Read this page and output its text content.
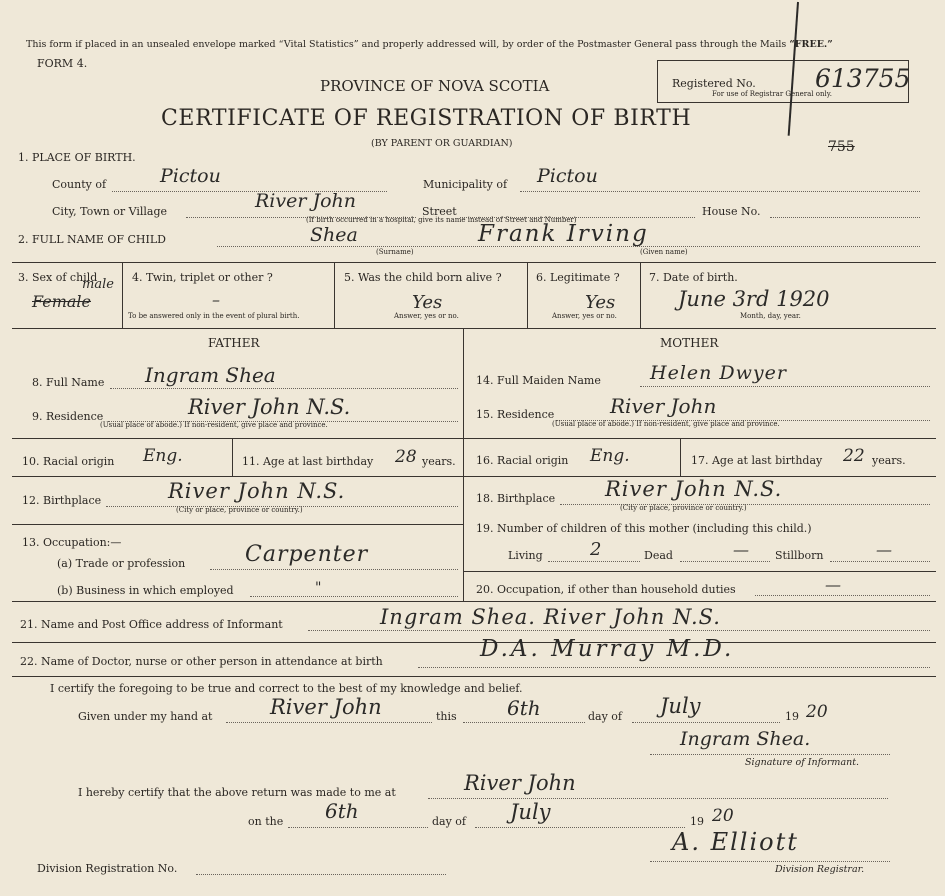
This form if placed in an unsealed envelope marked “Vital Statistics” and properly addressed will, by order of the Postmaster General pass through the Mails “FREE.”
FORM 4.
PROVINCE OF NOVA SCOTIA
CERTIFICATE OF REGISTRATION OF BIRTH
(BY PARENT OR GUARDIAN)
Registered No.
For use of Registrar General only.
613755
755
1. PLACE OF BIRTH.
County of	Pictou	Municipality of Pictou
City, Town or Village	River John	Street	House No.
(If birth occurred in a hospital, give its name instead of Street and Number)
2. FULL NAME OF CHILD	Shea	Frank Irving
(Surname)	(Given name)
3. Sex of child
male
Female
4. Twin, triplet or other ?
–
To be answered only in the event of plural birth.
5. Was the child born alive ?
Yes
Answer, yes or no.
6. Legitimate ?
Yes
Answer, yes or no.
7. Date of birth.
June 3rd 1920
Month, day, year.
FATHER	MOTHER
8. Full Name Ingram Shea
9. Residence	River John N.S.
(Usual place of abode.) If non-resident, give place and province.
10. Racial origin Eng.	11. Age at last birthday 28 years.
12. Birthplace	River John N.S.
(City or place, province or country.)
13. Occupation:—
(a) Trade or profession	Carpenter
(b) Business in which employed	"
14. Full Maiden Name	Helen Dwyer
15. Residence	River John
(Usual place of abode.) If non-resident, give place and province.
16. Racial origin Eng.	17. Age at last birthday 22 years.
18. Birthplace River John N.S.
(City or place, province or country.)
19. Number of children of this mother (including this child.)
Living	2	Dead	— Stillborn	—
20. Occupation, if other than household duties	—
21. Name and Post Office address of Informant	Ingram Shea. River John N.S.
22. Name of Doctor, nurse or other person in attendance at birth	D.A. Murray M.D.
I certify the foregoing to be true and correct to the best of my knowledge and belief.
Given under my hand at	River John	this	6th	day of July	19 20
Ingram Shea.
Signature of Informant.
I hereby certify that the above return was made to me at	River John
on the 6th	day of July	19 20
A. Elliott
Division Registrar.
Division Registration No.
